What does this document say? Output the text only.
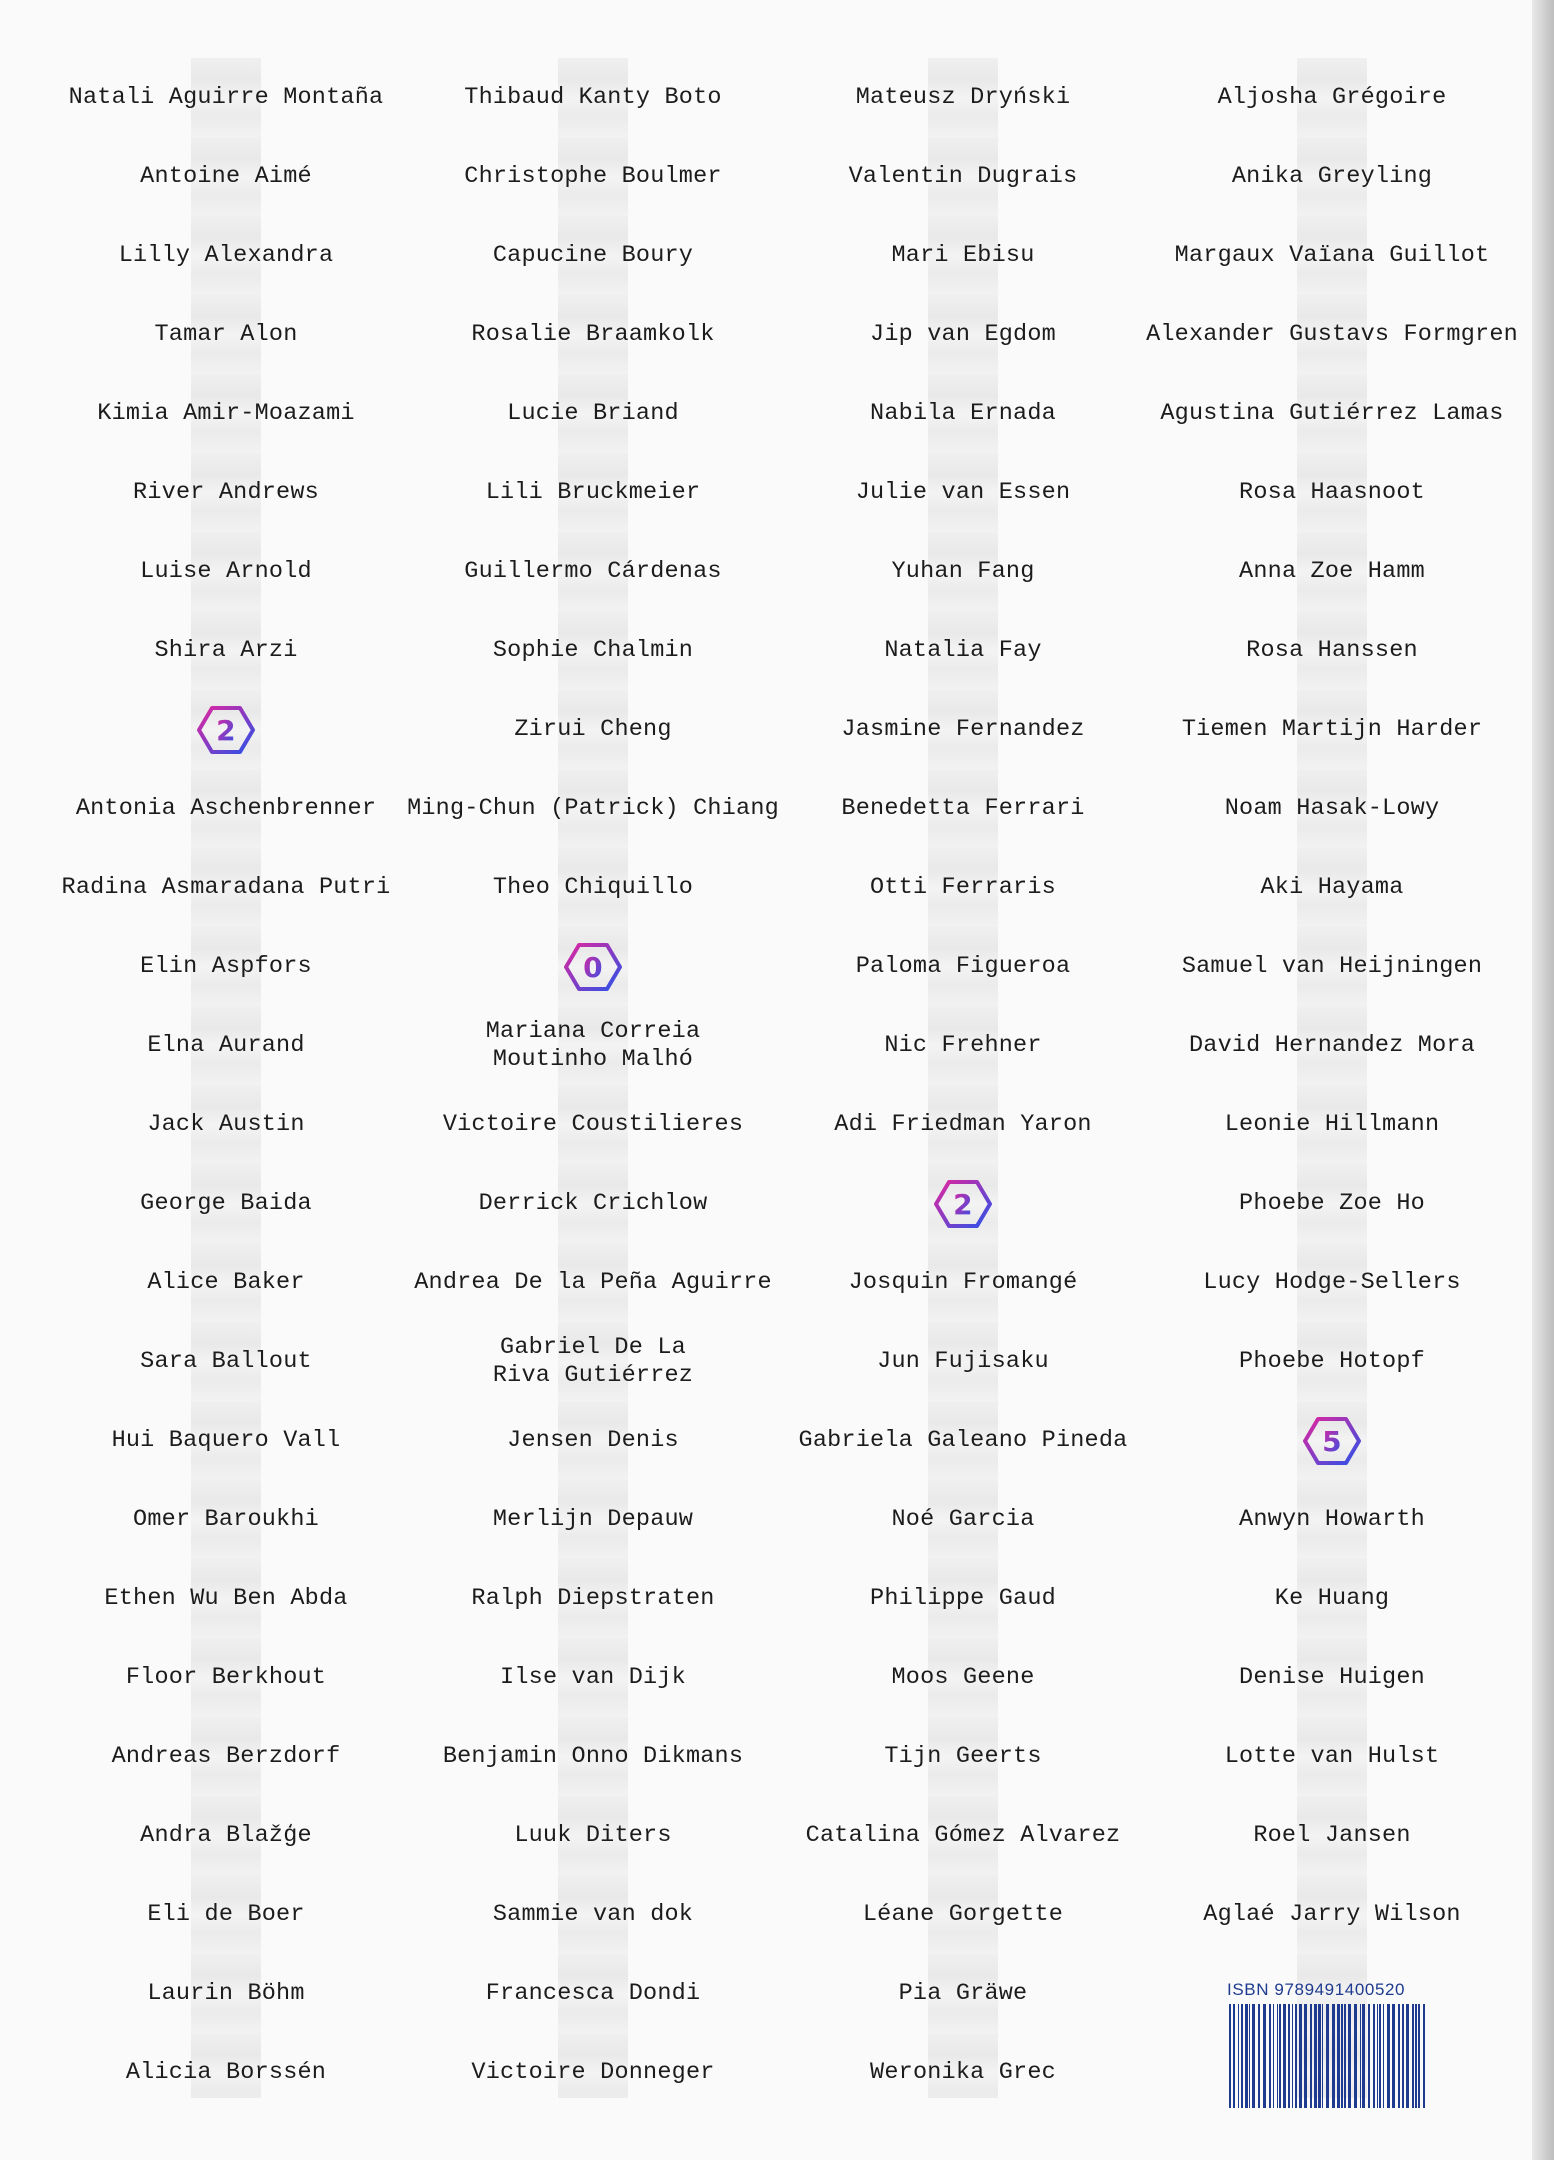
Natali Aguirre Montaña
Antoine Aimé
Lilly Alexandra
Tamar Alon
Kimia Amir-Moazami
River Andrews
Luise Arnold
Shira Arzi
2
Antonia Aschenbrenner
Radina Asmaradana Putri
Elin Aspfors
Elna Aurand
Jack Austin
George Baida
Alice Baker
Sara Ballout
Hui Baquero Vall
Omer Baroukhi
Ethen Wu Ben Abda
Floor Berkhout
Andreas Berzdorf
Andra Blažģe
Eli de Boer
Laurin Böhm
Alicia Borssén
Thibaud Kanty Boto
Christophe Boulmer
Capucine Boury
Rosalie Braamkolk
Lucie Briand
Lili Bruckmeier
Guillermo Cárdenas
Sophie Chalmin
Zirui Cheng
Ming-Chun (Patrick) Chiang
Theo Chiquillo
0
Mariana Correia
Moutinho Malhó
Victoire Coustilieres
Derrick Crichlow
Andrea De la Peña Aguirre
Gabriel De La
Riva Gutiérrez
Jensen Denis
Merlijn Depauw
Ralph Diepstraten
Ilse van Dijk
Benjamin Onno Dikmans
Luuk Diters
Sammie van dok
Francesca Dondi
Victoire Donneger
Mateusz Dryński
Valentin Dugrais
Mari Ebisu
Jip van Egdom
Nabila Ernada
Julie van Essen
Yuhan Fang
Natalia Fay
Jasmine Fernandez
Benedetta Ferrari
Otti Ferraris
Paloma Figueroa
Nic Frehner
Adi Friedman Yaron
2
Josquin Fromangé
Jun Fujisaku
Gabriela Galeano Pineda
Noé Garcia
Philippe Gaud
Moos Geene
Tijn Geerts
Catalina Gómez Alvarez
Léane Gorgette
Pia Gräwe
Weronika Grec
Aljosha Grégoire
Anika Greyling
Margaux Vaïana Guillot
Alexander Gustavs Formgren
Agustina Gutiérrez Lamas
Rosa Haasnoot
Anna Zoe Hamm
Rosa Hanssen
Tiemen Martijn Harder
Noam Hasak-Lowy
Aki Hayama
Samuel van Heijningen
David Hernandez Mora
Leonie Hillmann
Phoebe Zoe Ho
Lucy Hodge-Sellers
Phoebe Hotopf
5
Anwyn Howarth
Ke Huang
Denise Huigen
Lotte van Hulst
Roel Jansen
Aglaé Jarry Wilson
ISBN 9789491400520
